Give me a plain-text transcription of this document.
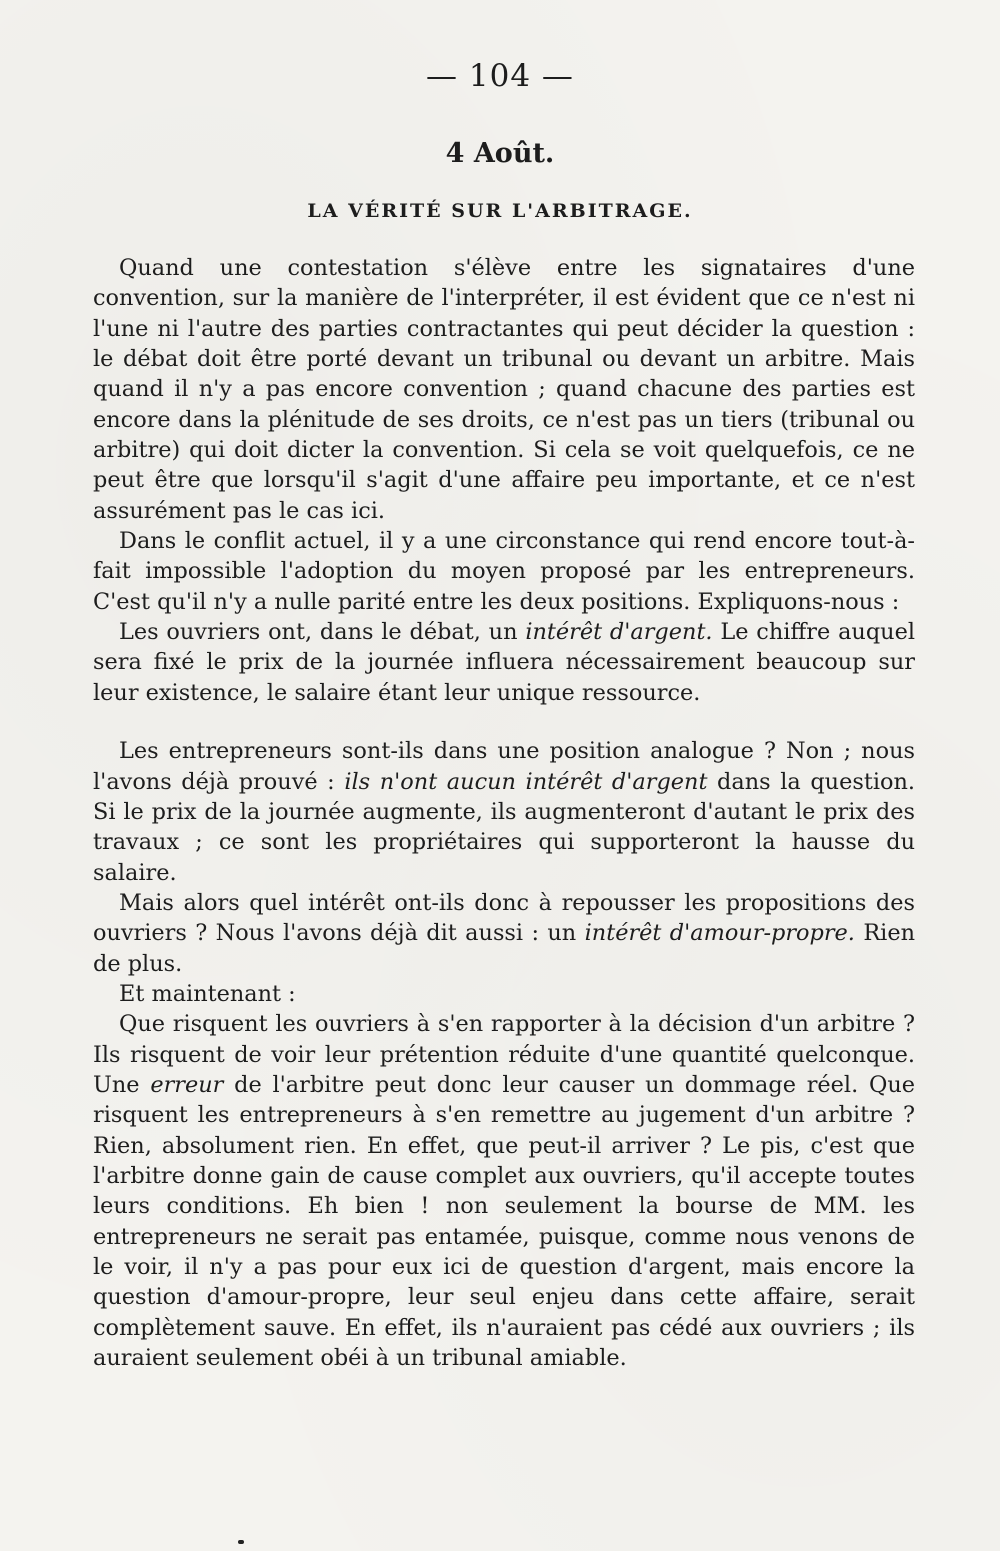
— 104 —
4 Août.
LA VÉRITÉ SUR L'ARBITRAGE.

Quand une contestation s'élève entre les signataires d'une convention, sur la manière de l'interpréter, il est évident que ce n'est ni l'une ni l'autre des parties contractantes qui peut décider la question : le débat doit être porté devant un tribunal ou devant un arbitre. Mais quand il n'y a pas encore convention ; quand chacune des parties est encore dans la plénitude de ses droits, ce n'est pas un tiers (tribunal ou arbitre) qui doit dicter la convention. Si cela se voit quelquefois, ce ne peut être que lorsqu'il s'agit d'une affaire peu importante, et ce n'est assurément pas le cas ici.

Dans le conflit actuel, il y a une circonstance qui rend encore tout-à-fait impossible l'adoption du moyen proposé par les entrepreneurs. C'est qu'il n'y a nulle parité entre les deux positions. Expliquons-nous :

Les ouvriers ont, dans le débat, un intérêt d'argent. Le chiffre auquel sera fixé le prix de la journée influera nécessairement beaucoup sur leur existence, le salaire étant leur unique ressource.

Les entrepreneurs sont-ils dans une position analogue ? Non ; nous l'avons déjà prouvé : ils n'ont aucun intérêt d'argent dans la question. Si le prix de la journée augmente, ils augmenteront d'autant le prix des travaux ; ce sont les propriétaires qui supporteront la hausse du salaire.

Mais alors quel intérêt ont-ils donc à repousser les propositions des ouvriers ? Nous l'avons déjà dit aussi : un intérêt d'amour-propre. Rien de plus.

Et maintenant :

Que risquent les ouvriers à s'en rapporter à la décision d'un arbitre ? Ils risquent de voir leur prétention réduite d'une quantité quelconque. Une erreur de l'arbitre peut donc leur causer un dommage réel. Que risquent les entrepreneurs à s'en remettre au jugement d'un arbitre ? Rien, absolument rien. En effet, que peut-il arriver ? Le pis, c'est que l'arbitre donne gain de cause complet aux ouvriers, qu'il accepte toutes leurs conditions. Eh bien ! non seulement la bourse de MM. les entrepreneurs ne serait pas entamée, puisque, comme nous venons de le voir, il n'y a pas pour eux ici de question d'argent, mais encore la question d'amour-propre, leur seul enjeu dans cette affaire, serait complètement sauve. En effet, ils n'auraient pas cédé aux ouvriers ; ils auraient seulement obéi à un tribunal amiable.
